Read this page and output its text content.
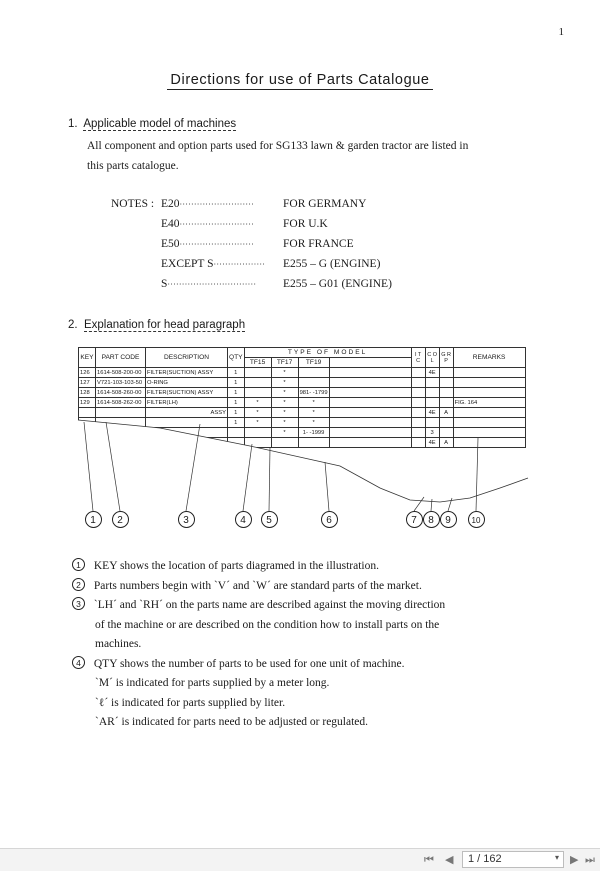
1
Directions for use of Parts Catalogue
1. Applicable model of machines
All component and option parts used for SG133 lawn & garden tractor are listed in
this parts catalogue.
NOTES : E20··························	FOR GERMANY
E40··························	FOR U.K
E50··························	FOR FRANCE
EXCEPT S·················· E255 – G (ENGINE)
S······························· E255 – G01 (ENGINE)
2. Explanation for head paragraph
KEY	PART CODE	DESCRIPTION	QTY	TYPE OF MODEL				I T C	C O L	G R P	REMARKS
				TF15	TF17	TF19					
126	1614-508-200-00	FILTER(SUCTION) ASSY	1		*				4E		
127	V721-103-103-50	O-RING	1		*						
128	1614-508-260-00	FILTER(SUCTION) ASSY	1		*	981- -1799					
129	1614-508-262-00	FILTER(LH)	1	*	*	*					FIG. 164
		ASSY	1	*	*	*			4E	A	
			1	*	*	*					
					*	1- -1999			3		
									4E	A	
1	2	3	4	5	6	7	8	9	10
1 KEY shows the location of parts diagramed in the illustration.
2 Parts numbers begin with ˋV´ and ˋW´ are standard parts of the market.
3 ˋLH´ and ˋRH´ on the parts name are described against the moving direction
of the machine or are described on the condition how to install parts on the
machines.
4 QTY shows the number of parts to be used for one unit of machine.
ˋM´ is indicated for parts supplied by a meter long.
ˋℓ´ is indicated for parts supplied by liter.
ˋAR´ is indicated for parts need to be adjusted or regulated.
⏮ ◀ 1 / 162	▾ ▶ ⏭
